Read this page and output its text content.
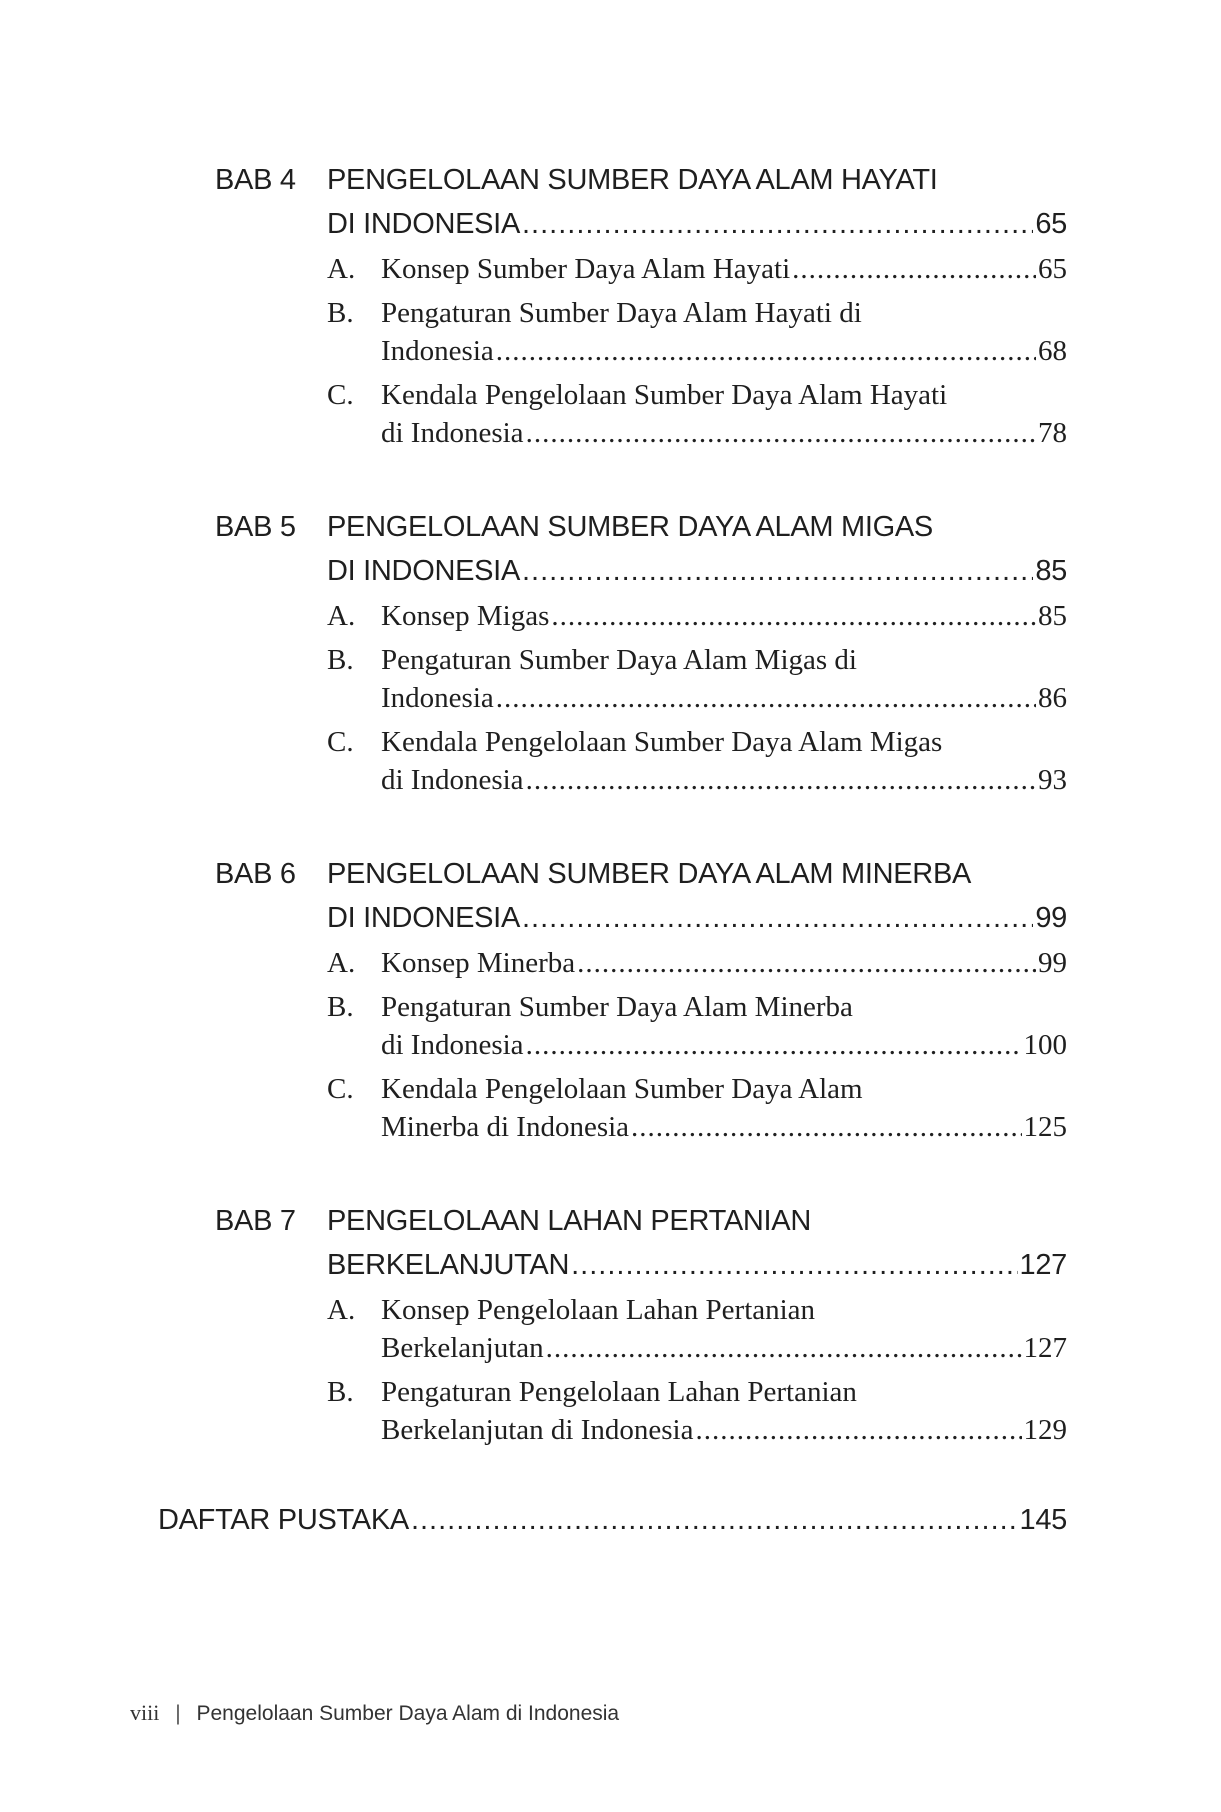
BAB 4 PENGELOLAAN SUMBER DAYA ALAM HAYATI
DI INDONESIA .....	65
A. Konsep Sumber Daya Alam Hayati .....	65
B. Pengaturan Sumber Daya Alam Hayati di
Indonesia .....	68
C. Kendala Pengelolaan Sumber Daya Alam Hayati
di Indonesia .....	78
BAB 5 PENGELOLAAN SUMBER DAYA ALAM MIGAS
DI INDONESIA .....	85
A. Konsep Migas .....	85
B. Pengaturan Sumber Daya Alam Migas di
Indonesia .....	86
C. Kendala Pengelolaan Sumber Daya Alam Migas
di Indonesia .....	93
BAB 6 PENGELOLAAN SUMBER DAYA ALAM MINERBA
DI INDONESIA .....	99
A. Konsep Minerba .....	99
B. Pengaturan Sumber Daya Alam Minerba
di Indonesia .....	100
C. Kendala Pengelolaan Sumber Daya Alam
Minerba di Indonesia .....	125
BAB 7 PENGELOLAAN LAHAN PERTANIAN
BERKELANJUTAN .....	127
A. Konsep Pengelolaan Lahan Pertanian
Berkelanjutan .....	127
B. Pengaturan Pengelolaan Lahan Pertanian
Berkelanjutan di Indonesia .....	129
DAFTAR PUSTAKA .....	145
viii | Pengelolaan Sumber Daya Alam di Indonesia
